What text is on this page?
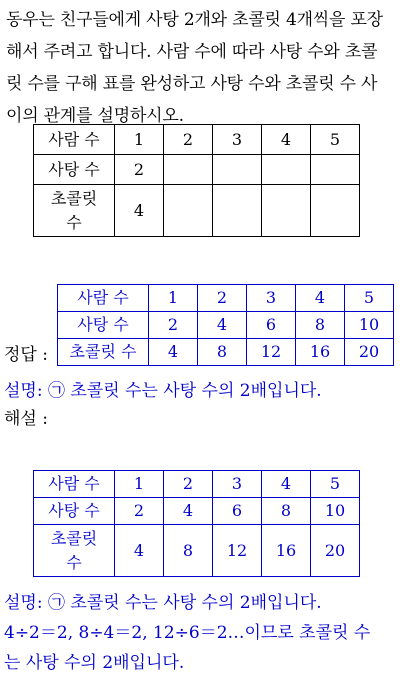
동우는 친구들에게 사탕 2개와 초콜릿 4개씩을 포장
해서 주려고 합니다. 사람 수에 따라 사탕 수와 초콜
릿 수를 구해 표를 완성하고 사탕 수와 초콜릿 수 사
이의 관계를 설명하시오.
사람 수	1	2	3	4	5
사탕 수	2				

초콜릿
수	4				
사람 수	1	2	3	4	5
사탕 수	2	4	6	8	10
초콜릿 수	4	8	12	16	20
정답 :
설명: ㉠ 초콜릿 수는 사탕 수의 2배입니다.
해설 :
사람 수	1	2	3	4	5
사탕 수	2	4	6	8	10

초콜릿
수	4	8	12	16	20
설명: ㉠ 초콜릿 수는 사탕 수의 2배입니다.
4÷2＝2, 8÷4＝2, 12÷6＝2…이므로 초콜릿 수
는 사탕 수의 2배입니다.
